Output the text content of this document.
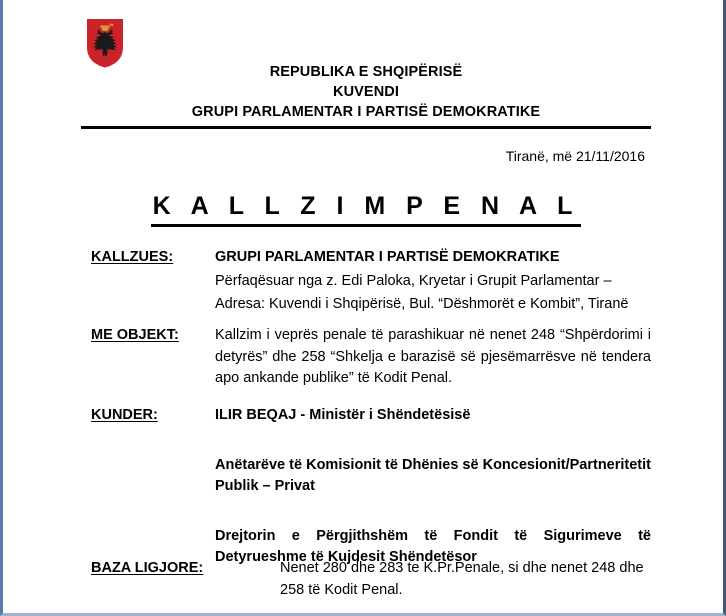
REPUBLIKA E SHQIPËRISË
KUVENDI
GRUPI PARLAMENTAR I PARTISË DEMOKRATIKE
Tiranë, më 21/11/2016
K A L L Z I M P E N A L
KALLZUES:	GRUPI PARLAMENTAR I PARTISË DEMOKRATIKE

Përfaqësuar nga z. Edi Paloka, Kryetar i Grupit Parlamentar –

Adresa: Kuvendi i Shqipërisë, Bul. “Dëshmorët e Kombit”, Tiranë

ME OBJEKT:	Kallzim i veprës penale të parashikuar në nenet 248 “Shpërdorimi i detyrës” dhe 258 “Shkelja e barazisë së pjesëmarrësve në tendera apo ankande publike” të Kodit Penal.

KUNDER:	ILIR BEQAJ - Ministër i Shëndetësisë

Anëtarëve të Komisionit të Dhënies së Koncesionit/Partneritetit Publik – Privat

Drejtorin e Përgjithshëm të Fondit të Sigurimeve të Detyrueshme të Kujdesit Shëndetësor

BAZA LIGJORE:	Nenet 280 dhe 283 te K.Pr.Penale, si dhe nenet 248 dhe 258 të Kodit Penal.
